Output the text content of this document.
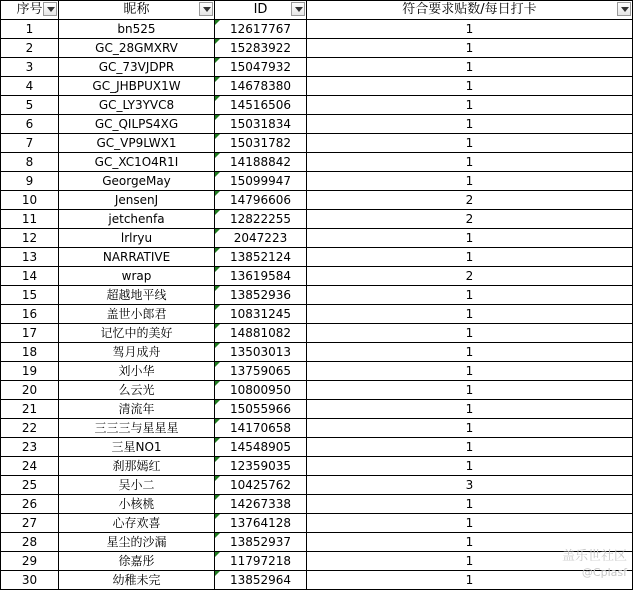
序号	昵称	ID	符合要求贴数/每日打卡

1	bn525	12617767	1
2	GC_28GMXRV	15283922	1
3	GC_73VJDPR	15047932	1
4	GC_JHBPUX1W	14678380	1
5	GC_LY3YVC8	14516506	1
6	GC_QILPS4XG	15031834	1
7	GC_VP9LWX1	15031782	1
8	GC_XC1O4R1I	14188842	1
9	GeorgeMay	15099947	1
10	JensenJ	14796606	2
11	jetchenfa	12822255	2
12	lrlryu	2047223	1
13	NARRATIVE	13852124	1
14	wrap	13619584	2
15	超越地平线	13852936	1
16	盖世小郎君	10831245	1
17	记忆中的美好	14881082	1
18	驾月成舟	13503013	1
19	刘小华	13759065	1
20	么云光	10800950	1
21	清流年	15055966	1
22	三三三与星星星	14170658	1
23	三星NO1	14548905	1
24	刹那嫣红	12359035	1
25	吴小二	10425762	3
26	小核桃	14267338	1
27	心存欢喜	13764128	1
28	星尘的沙漏	13852937	1
29	徐嘉彤	11797218	1
30	幼稚未完	13852964	1
盖乐世社区
@Cplasf
